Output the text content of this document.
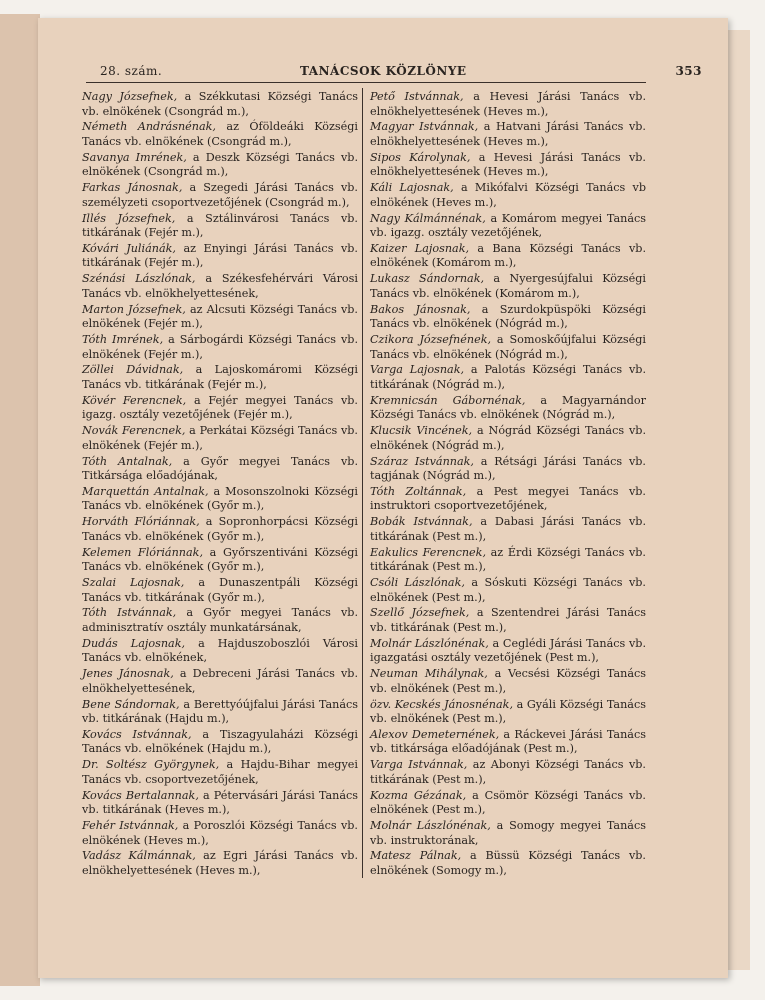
28. szám.	TANÁCSOK KÖZLÖNYE	353
Nagy Józsefnek, a Székkutasi Községi Tanács vb. elnökének (Csongrád m.),
Németh Andrásnénak, az Óföldeáki Községi Tanács vb. elnökének (Csongrád m.),
Savanya Imrének, a Deszk Községi Tanács vb. elnökének (Csongrád m.),
Farkas Jánosnak, a Szegedi Járási Tanács vb. személyzeti csoportvezetőjének (Csongrád m.),
Illés Józsefnek, a Sztálinvárosi Tanács vb. titkárának (Fejér m.),
Kóvári Juliánák, az Enyingi Járási Tanács vb. titkárának (Fejér m.),
Szénási Lászlónak, a Székesfehérvári Városi Tanács vb. elnökhelyettesének,
Marton Józsefnek, az Alcsuti Községi Tanács vb. elnökének (Fejér m.),
Tóth Imrének, a Sárbogárdi Községi Tanács vb. elnökének (Fejér m.),
Zöllei Dávidnak, a Lajoskomáromi Községi Tanács vb. titkárának (Fejér m.),
Kövér Ferencnek, a Fejér megyei Tanács vb. igazg. osztály vezetőjének (Fejér m.),
Novák Ferencnek, a Perkátai Községi Tanács vb. elnökének (Fejér m.),
Tóth Antalnak, a Győr megyei Tanács vb. Titkársága előadójának,
Marquettán Antalnak, a Mosonszolnoki Községi Tanács vb. elnökének (Győr m.),
Horváth Flóriánnak, a Sopronhorpácsi Községi Tanács vb. elnökének (Győr m.),
Kelemen Flóriánnak, a Győrszentiváni Községi Tanács vb. elnökének (Győr m.),
Szalai Lajosnak, a Dunaszentpáli Községi Tanács vb. titkárának (Győr m.),
Tóth Istvánnak, a Győr megyei Tanács vb. adminisztratív osztály munkatársának,
Dudás Lajosnak, a Hajduszoboszlói Városi Tanács vb. elnökének,
Jenes Jánosnak, a Debreceni Járási Tanács vb. elnökhelyettesének,
Bene Sándornak, a Berettyóújfalui Járási Tanács vb. titkárának (Hajdu m.),
Kovács Istvánnak, a Tiszagyulaházi Községi Tanács vb. elnökének (Hajdu m.),
Dr. Soltész Györgynek, a Hajdu-Bihar megyei Tanács vb. csoportvezetőjének,
Kovács Bertalannak, a Pétervásári Járási Tanács vb. titkárának (Heves m.),
Fehér Istvánnak, a Poroszlói Községi Tanács vb. elnökének (Heves m.),
Vadász Kálmánnak, az Egri Járási Tanács vb. elnökhelyettesének (Heves m.),
Pető Istvánnak, a Hevesi Járási Tanács vb. elnökhelyettesének (Heves m.),
Magyar Istvánnak, a Hatvani Járási Tanács vb. elnökhelyettesének (Heves m.),
Sipos Károlynak, a Hevesi Járási Tanács vb. elnökhelyettesének (Heves m.),
Káli Lajosnak, a Mikófalvi Községi Tanács vb elnökének (Heves m.),
Nagy Kálmánnénak, a Komárom megyei Tanács vb. igazg. osztály vezetőjének,
Kaizer Lajosnak, a Bana Községi Tanács vb. elnökének (Komárom m.),
Lukasz Sándornak, a Nyergesújfalui Községi Tanács vb. elnökének (Komárom m.),
Bakos Jánosnak, a Szurdokpüspöki Községi Tanács vb. elnökének (Nógrád m.),
Czikora Józsefnének, a Somoskőújfalui Községi Tanács vb. elnökének (Nógrád m.),
Varga Lajosnak, a Palotás Községi Tanács vb. titkárának (Nógrád m.),
Kremnicsán Gábornénak, a Magyarnándor Községi Tanács vb. elnökének (Nógrád m.),
Klucsik Vincének, a Nógrád Községi Tanács vb. elnökének (Nógrád m.),
Száraz Istvánnak, a Rétsági Járási Tanács vb. tagjának (Nógrád m.),
Tóth Zoltánnak, a Pest megyei Tanács vb. instruktori csoportvezetőjének,
Bobák Istvánnak, a Dabasi Járási Tanács vb. titkárának (Pest m.),
Eakulics Ferencnek, az Érdi Községi Tanács vb. titkárának (Pest m.),
Csóli Lászlónak, a Sóskuti Községi Tanács vb. elnökének (Pest m.),
Szellő Józsefnek, a Szentendrei Járási Tanács vb. titkárának (Pest m.),
Molnár Lászlónénak, a Ceglédi Járási Tanács vb. igazgatási osztály vezetőjének (Pest m.),
Neuman Mihálynak, a Vecsési Községi Tanács vb. elnökének (Pest m.),
özv. Kecskés Jánosnénak, a Gyáli Községi Tanács vb. elnökének (Pest m.),
Alexov Demeternének, a Ráckevei Járási Tanács vb. titkársága előadójának (Pest m.),
Varga Istvánnak, az Abonyi Községi Tanács vb. titkárának (Pest m.),
Kozma Gézának, a Csömör Községi Tanács vb. elnökének (Pest m.),
Molnár Lászlónénak, a Somogy megyei Tanács vb. instruktorának,
Matesz Pálnak, a Büssü Községi Tanács vb. elnökének (Somogy m.),
